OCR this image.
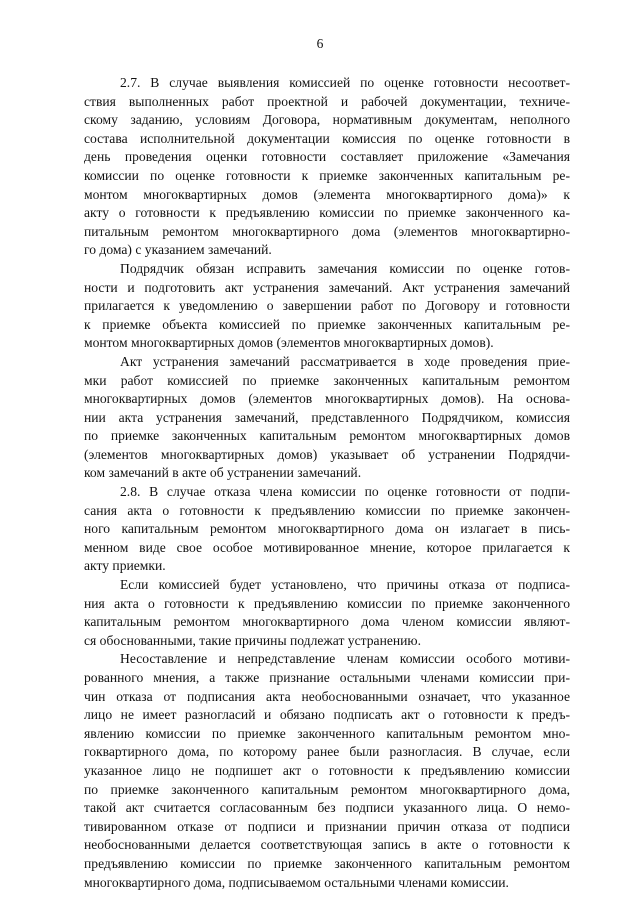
6
2.7. В случае выявления комиссией по оценке готовности несоответ-
ствия выполненных работ проектной и рабочей документации, техниче-
скому заданию, условиям Договора, нормативным документам, неполного
состава исполнительной документации комиссия по оценке готовности в
день проведения оценки готовности составляет приложение «Замечания
комиссии по оценке готовности к приемке законченных капитальным ре-
монтом многоквартирных домов (элемента многоквартирного дома)» к
акту о готовности к предъявлению комиссии по приемке законченного ка-
питальным ремонтом многоквартирного дома (элементов многоквартирно-
го дома) с указанием замечаний.
Подрядчик обязан исправить замечания комиссии по оценке готов-
ности и подготовить акт устранения замечаний. Акт устранения замечаний
прилагается к уведомлению о завершении работ по Договору и готовности
к приемке объекта комиссией по приемке законченных капитальным ре-
монтом многоквартирных домов (элементов многоквартирных домов).
Акт устранения замечаний рассматривается в ходе проведения прие-
мки работ комиссией по приемке законченных капитальным ремонтом
многоквартирных домов (элементов многоквартирных домов). На основа-
нии акта устранения замечаний, представленного Подрядчиком, комиссия
по приемке законченных капитальным ремонтом многоквартирных домов
(элементов многоквартирных домов) указывает об устранении Подрядчи-
ком замечаний в акте об устранении замечаний.
2.8. В случае отказа члена комиссии по оценке готовности от подпи-
сания акта о готовности к предъявлению комиссии по приемке закончен-
ного капитальным ремонтом многоквартирного дома он излагает в пись-
менном виде свое особое мотивированное мнение, которое прилагается к
акту приемки.
Если комиссией будет установлено, что причины отказа от подписа-
ния акта о готовности к предъявлению комиссии по приемке законченного
капитальным ремонтом многоквартирного дома членом комиссии являют-
ся обоснованными, такие причины подлежат устранению.
Несоставление и непредставление членам комиссии особого мотиви-
рованного мнения, а также признание остальными членами комиссии при-
чин отказа от подписания акта необоснованными означает, что указанное
лицо не имеет разногласий и обязано подписать акт о готовности к предъ-
явлению комиссии по приемке законченного капитальным ремонтом мно-
гоквартирного дома, по которому ранее были разногласия. В случае, если
указанное лицо не подпишет акт о готовности к предъявлению комиссии
по приемке законченного капитальным ремонтом многоквартирного дома,
такой акт считается согласованным без подписи указанного лица. О немо-
тивированном отказе от подписи и признании причин отказа от подписи
необоснованными делается соответствующая запись в акте о готовности к
предъявлению комиссии по приемке законченного капитальным ремонтом
многоквартирного дома, подписываемом остальными членами комиссии.
